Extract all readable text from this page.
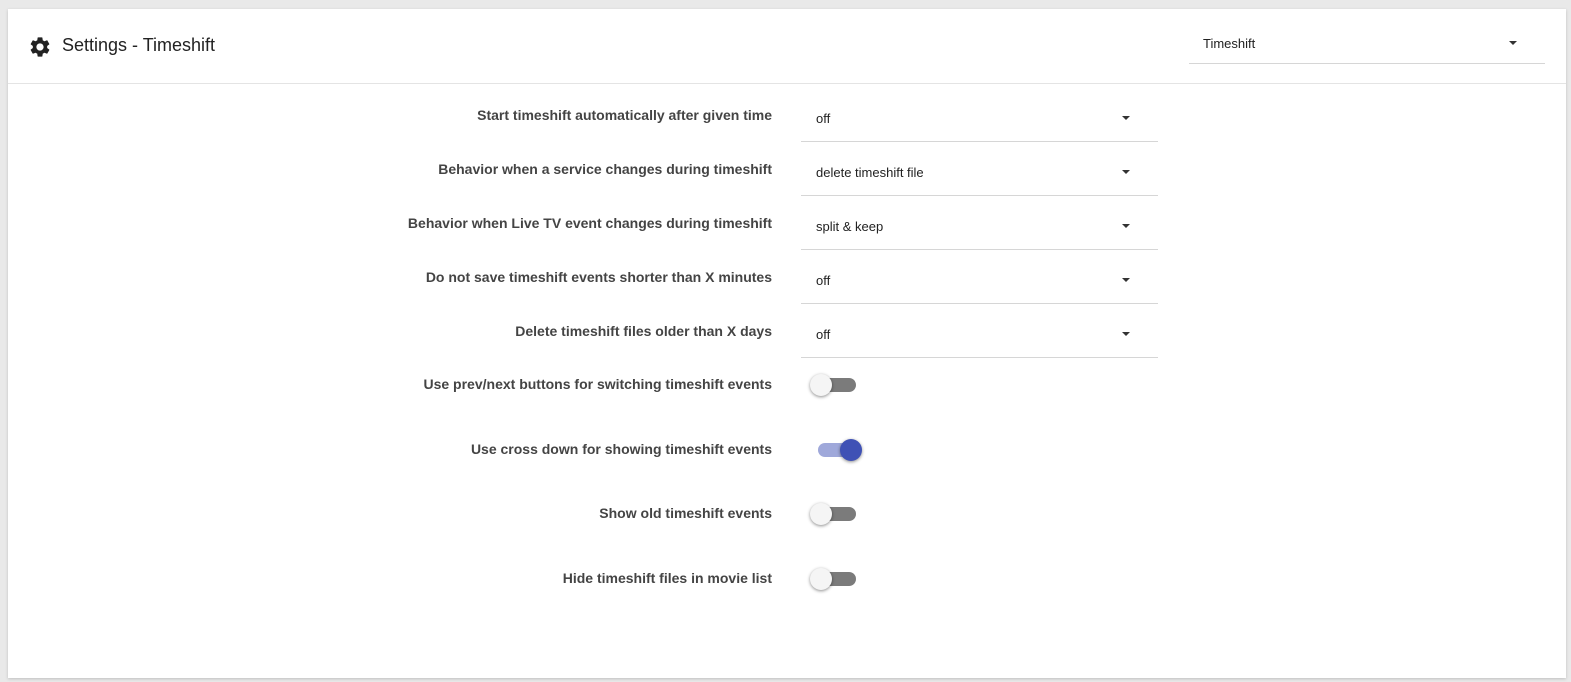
Settings - Timeshift	Timeshift
Start timeshift automatically after given time	off
Behavior when a service changes during timeshift	delete timeshift file
Behavior when Live TV event changes during timeshift	split & keep
Do not save timeshift events shorter than X minutes	off
Delete timeshift files older than X days	off
Use prev/next buttons for switching timeshift events
Use cross down for showing timeshift events
Show old timeshift events
Hide timeshift files in movie list
